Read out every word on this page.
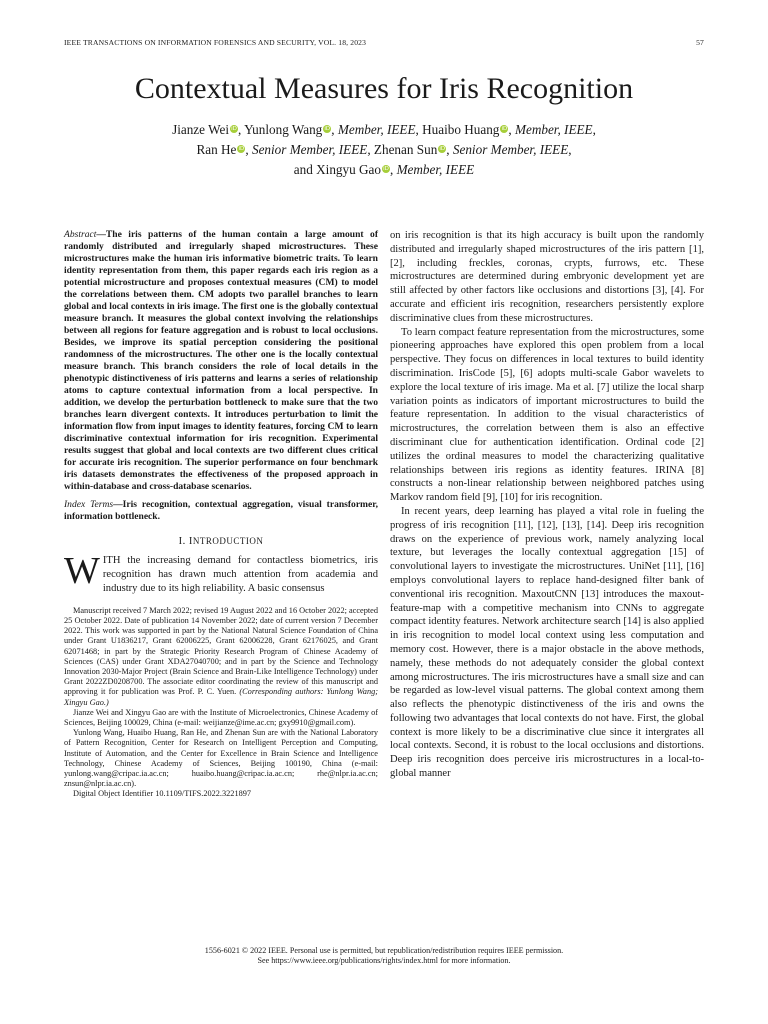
IEEE TRANSACTIONS ON INFORMATION FORENSICS AND SECURITY, VOL. 18, 2023	57
Contextual Measures for Iris Recognition
Jianze Wei iD, Yunlong Wang iD, Member, IEEE, Huaibo Huang iD, Member, IEEE,
Ran He iD, Senior Member, IEEE, Zhenan Sun iD, Senior Member, IEEE,
and Xingyu Gao iD, Member, IEEE

Abstract—The iris patterns of the human contain a large amount of randomly distributed and irregularly shaped microstructures. These microstructures make the human iris informative biometric traits. To learn identity representation from them, this paper regards each iris region as a potential microstructure and proposes contextual measures (CM) to model the correlations between them. CM adopts two parallel branches to learn global and local contexts in iris image. The first one is the globally contextual measure branch. It measures the global context involving the relationships between all regions for feature aggregation and is robust to local occlusions. Besides, we improve its spatial perception considering the positional randomness of the microstructures. The other one is the locally contextual measure branch. This branch considers the role of local details in the phenotypic distinctiveness of iris patterns and learns a series of relationship atoms to capture contextual information from a local perspective. In addition, we develop the perturbation bottleneck to make sure that the two branches learn divergent contexts. It introduces perturbation to limit the information flow from input images to identity features, forcing CM to learn discriminative contextual information for iris recognition. Experimental results suggest that global and local contexts are two different clues critical for accurate iris recognition. The superior performance on four benchmark iris datasets demonstrates the effectiveness of the proposed approach in within-database and cross-database scenarios.

Index Terms—Iris recognition, contextual aggregation, visual transformer, information bottleneck.

I. INTRODUCTION

WITH the increasing demand for contactless biometrics, iris recognition has drawn much attention from academia and industry due to its high reliability. A basic consensus

Manuscript received 7 March 2022; revised 19 August 2022 and 16 October 2022; accepted 25 October 2022. Date of publication 14 November 2022; date of current version 7 December 2022. This work was supported in part by the National Natural Science Foundation of China under Grant U1836217, Grant 62006225, Grant 62006228, Grant 62176025, and Grant 62071468; in part by the Strategic Priority Research Program of Chinese Academy of Sciences (CAS) under Grant XDA27040700; and in part by the Science and Technology Innovation 2030-Major Project (Brain Science and Brain-Like Intelligence Technology) under Grant 2022ZD0208700. The associate editor coordinating the review of this manuscript and approving it for publication was Prof. P. C. Yuen. (Corresponding authors: Yunlong Wang; Xingyu Gao.)

Jianze Wei and Xingyu Gao are with the Institute of Microelectronics, Chinese Academy of Sciences, Beijing 100029, China (e-mail: weijianze@ime.ac.cn; gxy9910@gmail.com).

Yunlong Wang, Huaibo Huang, Ran He, and Zhenan Sun are with the National Laboratory of Pattern Recognition, Center for Research on Intelligent Perception and Computing, Institute of Automation, and the Center for Excellence in Brain Science and Intelligence Technology, Chinese Academy of Sciences, Beijing 100190, China (e-mail: yunlong.wang@cripac.ia.ac.cn; huaibo.huang@cripac.ia.ac.cn; rhe@nlpr.ia.ac.cn; znsun@nlpr.ia.ac.cn).

Digital Object Identifier 10.1109/TIFS.2022.3221897

on iris recognition is that its high accuracy is built upon the randomly distributed and irregularly shaped microstructures of the iris pattern [1], [2], including freckles, coronas, crypts, furrows, etc. These microstructures are determined during embryonic development yet are still affected by other factors like occlusions and distortions [3], [4]. For accurate and efficient iris recognition, researchers persistently explore discriminative clues from these microstructures.

To learn compact feature representation from the microstructures, some pioneering approaches have explored this open problem from a local perspective. They focus on differences in local textures to build identity discrimination. IrisCode [5], [6] adopts multi-scale Gabor wavelets to explore the local texture of iris image. Ma et al. [7] utilize the local sharp variation points as indicators of important microstructures to build the feature representation. In addition to the visual characteristics of microstructures, the correlation between them is also an effective discriminant clue for authentication identification. Ordinal code [2] utilizes the ordinal measures to model the characterizing qualitative relationships between iris regions as identity features. IRINA [8] constructs a non-linear relationship between neighbored patches using Markov random field [9], [10] for iris recognition.

In recent years, deep learning has played a vital role in fueling the progress of iris recognition [11], [12], [13], [14]. Deep iris recognition draws on the experience of previous work, namely analyzing local texture, but leverages the locally contextual aggregation [15] of convolutional layers to investigate the microstructures. UniNet [11], [16] employs convolutional layers to replace hand-designed filter bank of conventional iris recognition. MaxoutCNN [13] introduces the maxout-feature-map with a competitive mechanism into CNNs to aggregate compact identity features. Network architecture search [14] is also applied in iris recognition to model local context using less computation and memory cost. However, there is a major obstacle in the above methods, namely, these methods do not adequately consider the global context among microstructures. The iris microstructures have a small size and can be regarded as low-level visual patterns. The global context among them also reflects the phenotypic distinctiveness of the iris and owns the following two advantages that local contexts do not have. First, the global context is more likely to be a discriminative clue since it intergrates all local contexts. Second, it is robust to the local occlusions and distortions. Deep iris recognition does perceive iris microstructures in a local-to-global manner

1556-6021 © 2022 IEEE. Personal use is permitted, but republication/redistribution requires IEEE permission.
See https://www.ieee.org/publications/rights/index.html for more information.
